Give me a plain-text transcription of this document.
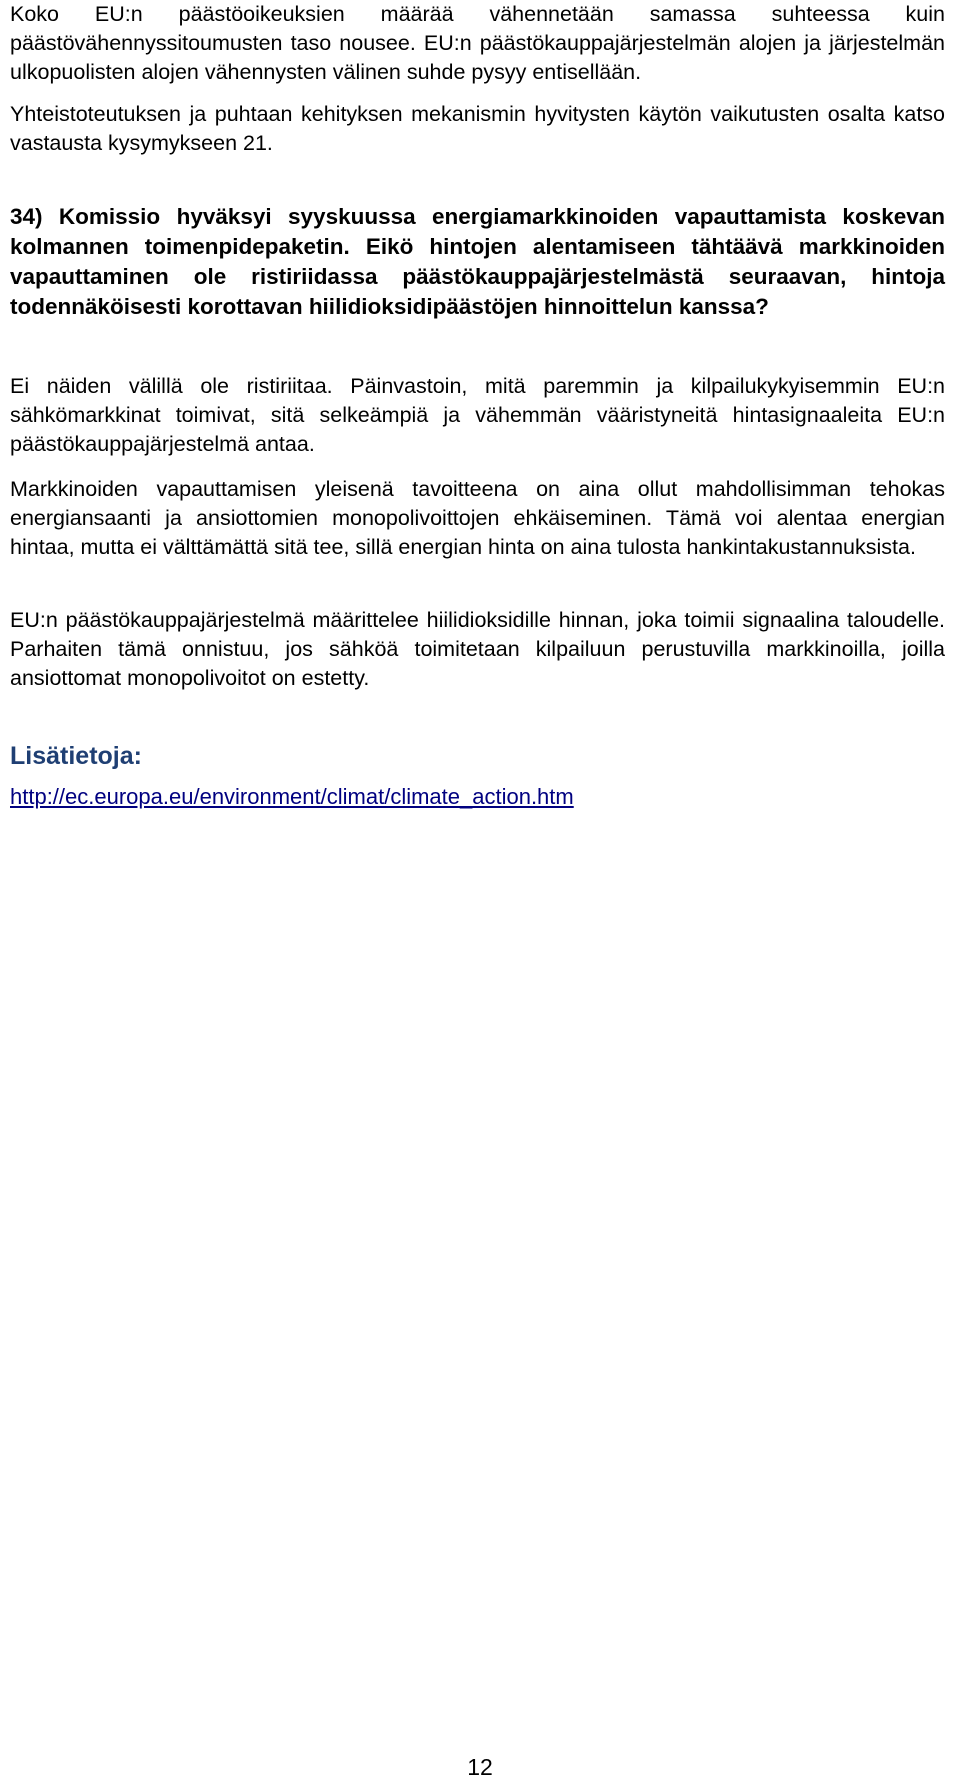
Koko EU:n päästöoikeuksien määrää vähennetään samassa suhteessa kuin päästövähennyssitoumusten taso nousee. EU:n päästökauppajärjestelmän alojen ja järjestelmän ulkopuolisten alojen vähennysten välinen suhde pysyy entisellään.

Yhteistoteutuksen ja puhtaan kehityksen mekanismin hyvitysten käytön vaikutusten osalta katso vastausta kysymykseen 21.

34) Komissio hyväksyi syyskuussa energiamarkkinoiden vapauttamista koskevan kolmannen toimenpidepaketin. Eikö hintojen alentamiseen tähtäävä markkinoiden vapauttaminen ole ristiriidassa päästökauppajärjestelmästä seuraavan, hintoja todennäköisesti korottavan hiilidioksidipäästöjen hinnoittelun kanssa?

Ei näiden välillä ole ristiriitaa. Päinvastoin, mitä paremmin ja kilpailukykyisemmin EU:n sähkömarkkinat toimivat, sitä selkeämpiä ja vähemmän vääristyneitä hintasignaaleita EU:n päästökauppajärjestelmä antaa.

Markkinoiden vapauttamisen yleisenä tavoitteena on aina ollut mahdollisimman tehokas energiansaanti ja ansiottomien monopolivoittojen ehkäiseminen. Tämä voi alentaa energian hintaa, mutta ei välttämättä sitä tee, sillä energian hinta on aina tulosta hankintakustannuksista.

EU:n päästökauppajärjestelmä määrittelee hiilidioksidille hinnan, joka toimii signaalina taloudelle. Parhaiten tämä onnistuu, jos sähköä toimitetaan kilpailuun perustuvilla markkinoilla, joilla ansiottomat monopolivoitot on estetty.

Lisätietoja:
http://ec.europa.eu/environment/climat/climate_action.htm
12
